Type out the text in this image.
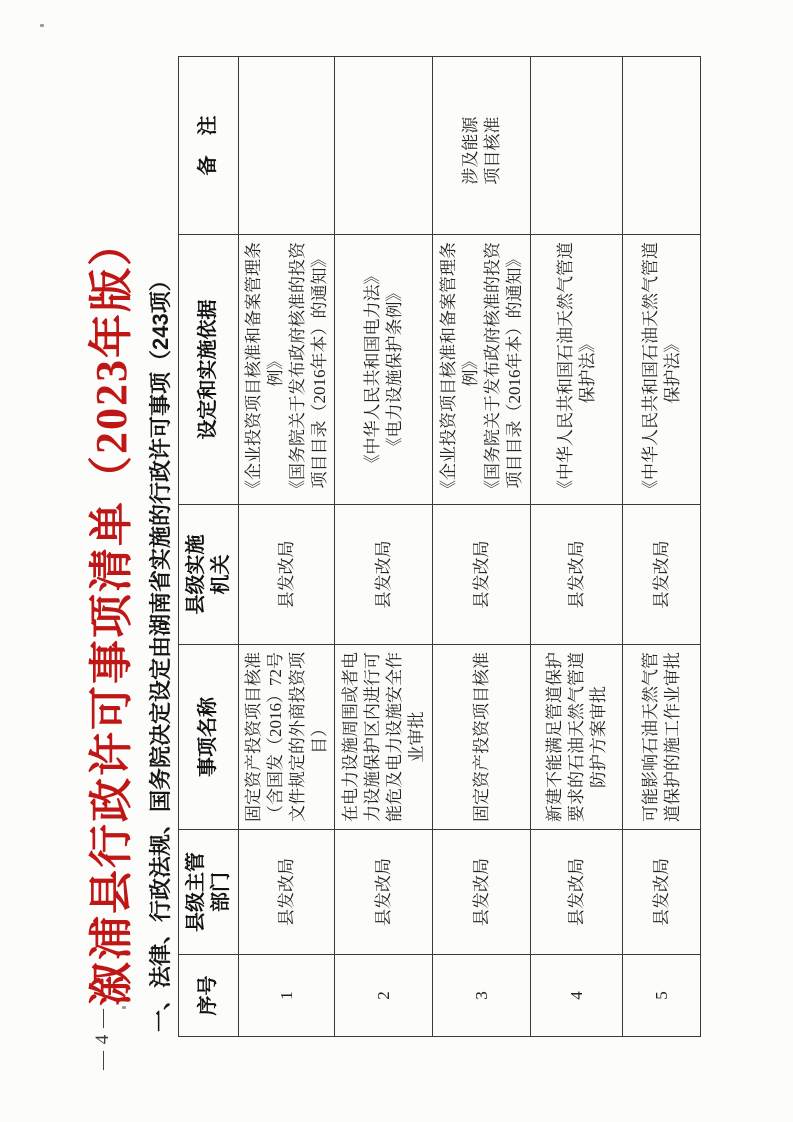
— 4 —
溆浦县行政许可事项清单（2023年版） 一、法律、行政法规、国务院决定设定由湖南省实施的行政许可事项（243项） 序号	县级主管部门	事项名称	县级实施机关	设定和实施依据	备　注
1	县发改局	固定资产投资项目核准（含国发（2016）72号文件规定的外商投资项目）	县发改局	《企业投资项目核准和备案管理条例》 《国务院关于发布政府核准的投资项目目录（2016年本）的通知》	

2	县发改局	在电力设施周围或者电力设施保护区内进行可能危及电力设施安全作业审批	县发改局	《中华人民共和国电力法》 《电力设施保护条例》	

3	县发改局	固定资产投资项目核准	县发改局	《企业投资项目核准和备案管理条例》 《国务院关于发布政府核准的投资项目目录（2016年本）的通知》	涉及能源项目核准
4	县发改局	新建不能满足管道保护要求的石油天然气管道防护方案审批	县发改局	《中华人民共和国石油天然气管道保护法》	

5	县发改局	可能影响石油天然气管道保护的施工作业审批	县发改局	《中华人民共和国石油天然气管道保护法》	
